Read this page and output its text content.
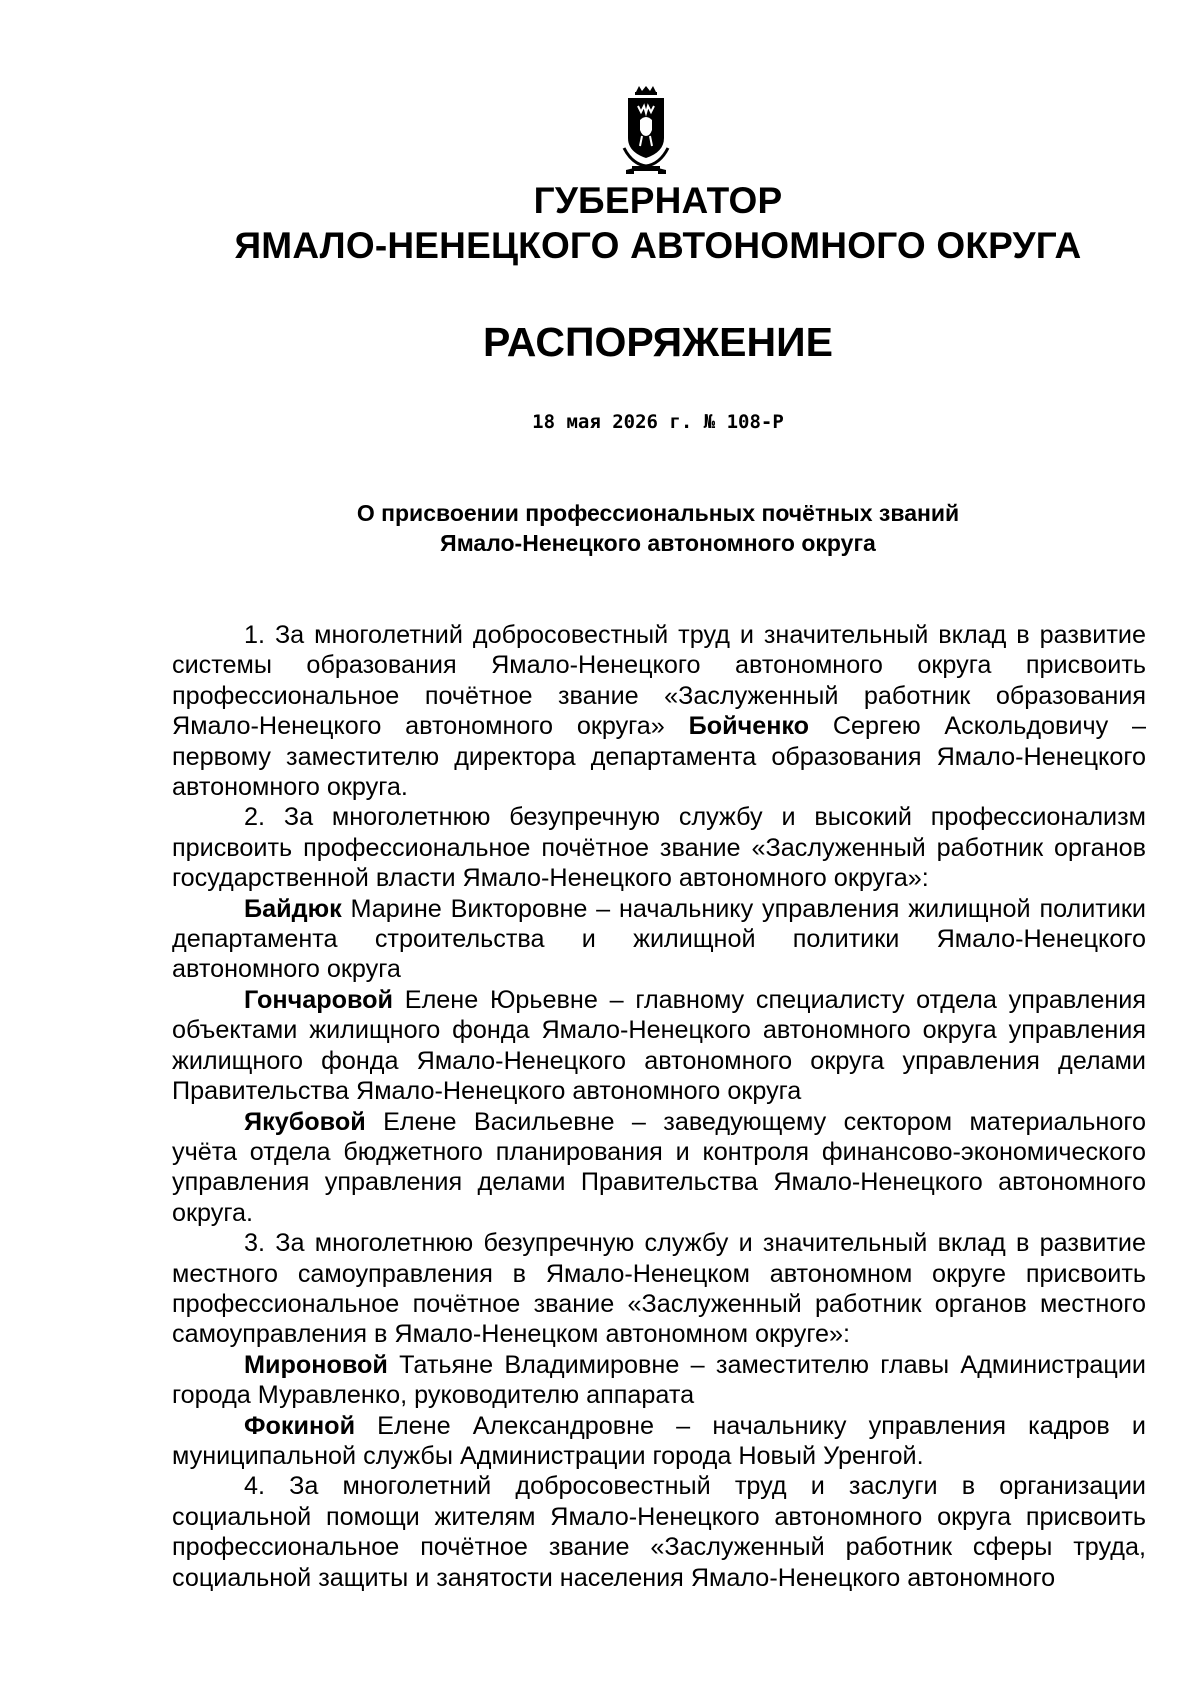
ГУБЕРНАТОР
ЯМАЛО-НЕНЕЦКОГО АВТОНОМНОГО ОКРУГА
РАСПОРЯЖЕНИЕ
18 мая 2026 г. № 108-Р
О присвоении профессиональных почётных званий
Ямало-Ненецкого автономного округа

1. За многолетний добросовестный труд и значительный вклад в развитие системы образования Ямало-Ненецкого автономного округа присвоить профессиональное почётное звание «Заслуженный работник образования Ямало-Ненецкого автономного округа» Бойченко Сергею Аскольдовичу – первому заместителю директора департамента образования Ямало-Ненецкого автономного округа.

2. За многолетнюю безупречную службу и высокий профессионализм присвоить профессиональное почётное звание «Заслуженный работник органов государственной власти Ямало-Ненецкого автономного округа»:

Байдюк Марине Викторовне – начальнику управления жилищной политики департамента строительства и жилищной политики Ямало-Ненецкого автономного округа

Гончаровой Елене Юрьевне – главному специалисту отдела управления объектами жилищного фонда Ямало-Ненецкого автономного округа управления жилищного фонда Ямало-Ненецкого автономного округа управления делами Правительства Ямало-Ненецкого автономного округа

Якубовой Елене Васильевне – заведующему сектором материального учёта отдела бюджетного планирования и контроля финансово-экономического управления управления делами Правительства Ямало-Ненецкого автономного округа.

3. За многолетнюю безупречную службу и значительный вклад в развитие местного самоуправления в Ямало-Ненецком автономном округе присвоить профессиональное почётное звание «Заслуженный работник органов местного самоуправления в Ямало-Ненецком автономном округе»:

Мироновой Татьяне Владимировне – заместителю главы Администрации города Муравленко, руководителю аппарата

Фокиной Елене Александровне – начальнику управления кадров и муниципальной службы Администрации города Новый Уренгой.

4. За многолетний добросовестный труд и заслуги в организации социальной помощи жителям Ямало-Ненецкого автономного округа присвоить профессиональное почётное звание «Заслуженный работник сферы труда, социальной защиты и занятости населения Ямало-Ненецкого автономного
